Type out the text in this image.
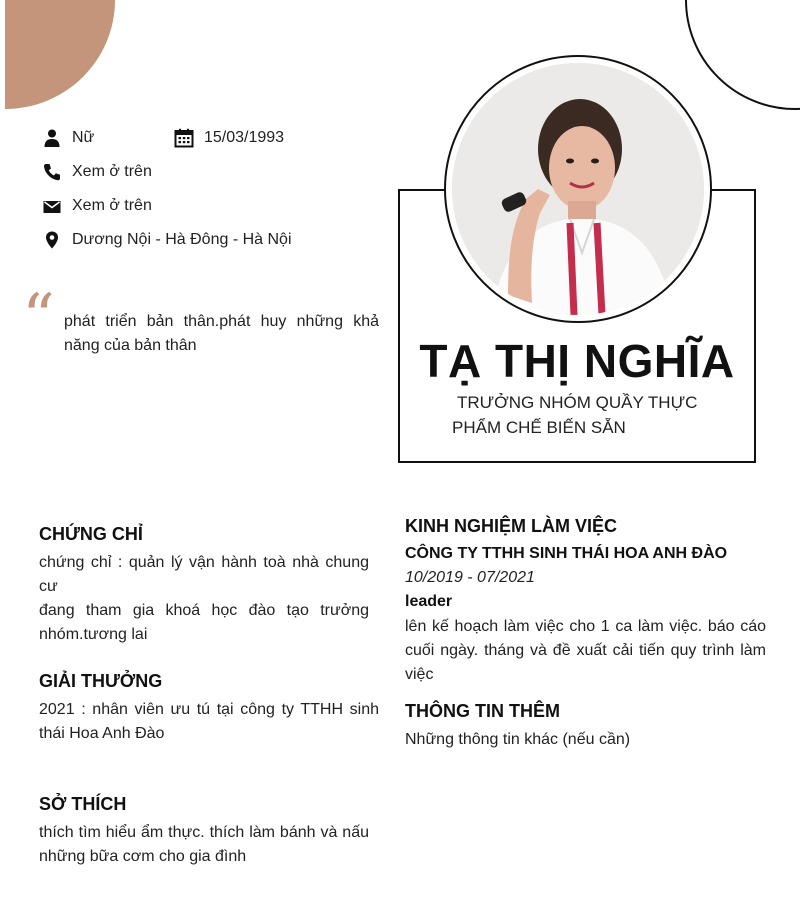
Nữ	15/03/1993
Xem ở trên
Xem ở trên
Dương Nội - Hà Đông - Hà Nội
“ phát triển bản thân.phát huy những khả năng của bản thân	TẠ THỊ NGHĨA
TRƯỞNG NHÓM QUẦY THỰC
PHẨM CHẾ BIẾN SẴN
CHỨNG CHỈ
chứng chỉ : quản lý vận hành toà nhà chung cư
đang tham gia khoá học đào tạo trưởng nhóm.tương lai
GIẢI THƯỞNG
2021 : nhân viên ưu tú tại công ty TTHH sinh thái Hoa Anh Đào
SỞ THÍCH
thích tìm hiểu ẩm thực. thích làm bánh và nấu những bữa cơm cho gia đình
KINH NGHIỆM LÀM VIỆC
CÔNG TY TTHH SINH THÁI HOA ANH ĐÀO
10/2019 - 07/2021
leader
lên kế hoạch làm việc cho 1 ca làm việc. báo cáo cuối ngày. tháng và đề xuất cải tiến quy trình làm việc
THÔNG TIN THÊM
Những thông tin khác (nếu cần)
